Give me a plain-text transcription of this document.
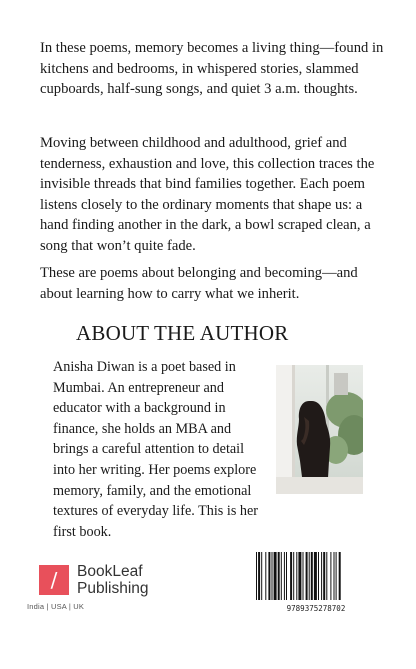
In these poems, memory becomes a living thing—found in kitchens and bedrooms, in whispered stories, slammed cupboards, half-sung songs, and quiet 3 a.m. thoughts.

Moving between childhood and adulthood, grief and tenderness, exhaustion and love, this collection traces the invisible threads that bind families together. Each poem listens closely to the ordinary moments that shape us: a hand finding another in the dark, a bowl scraped clean, a song that won’t quite fade.

These are poems about belonging and becoming—and about learning how to carry what we inherit.

ABOUT THE AUTHOR

Anisha Diwan is a poet based in Mumbai. An entrepreneur and educator with a background in finance, she holds an MBA and brings a careful attention to detail into her writing. Her poems explore memory, family, and the emotional textures of everyday life. This is her first book.

/	BookLeaf Publishing
India | USA | UK	9789375278702
